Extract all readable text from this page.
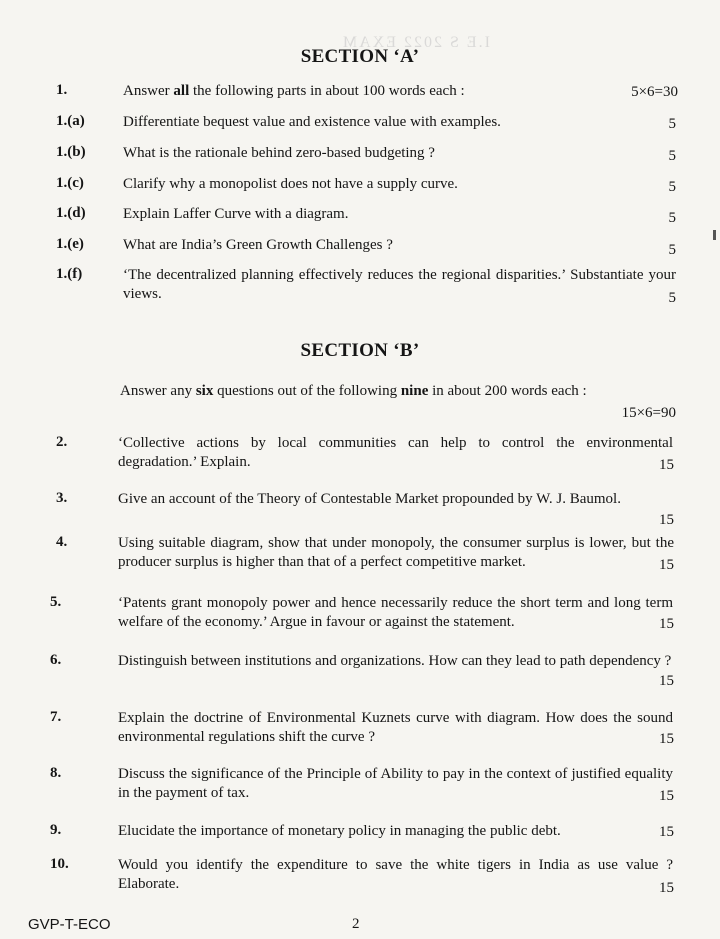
I.E S 2022 EXAM
SECTION ‘A’
1.	Answer all the following parts in about 100 words each :	5×6=30
1.(a)	Differentiate bequest value and existence value with examples.	5
1.(b) What is the rationale behind zero-based budgeting ?	5
1.(c)	Clarify why a monopolist does not have a supply curve.	5
1.(d) Explain Laffer Curve with a diagram.	5
1.(e)	What are India’s Green Growth Challenges ?	5
1.(f)	‘The decentralized planning effectively reduces the regional disparities.’ Substantiate your views.	5
SECTION ‘B’
Answer any six questions out of the following nine in about 200 words each :
15×6=90
2.	‘Collective actions by local communities can help to control the environmental degradation.’ Explain.	15
3.	Give an account of the Theory of Contestable Market propounded by W. J. Baumol.
15
4.	Using suitable diagram, show that under monopoly, the consumer surplus is lower, but the producer surplus is higher than that of a perfect competitive market.	15
5.	‘Patents grant monopoly power and hence necessarily reduce the short term and long term welfare of the economy.’ Argue in favour or against the statement.	15
6.	Distinguish between institutions and organizations. How can they lead to path dependency ?
15
7.	Explain the doctrine of Environmental Kuznets curve with diagram. How does the sound environmental regulations shift the curve ?	15
8.	Discuss the significance of the Principle of Ability to pay in the context of justified equality in the payment of tax.	15
9.	Elucidate the importance of monetary policy in managing the public debt.	15
10.	Would you identify the expenditure to save the white tigers in India as use value ? Elaborate.	15
GVP-T-ECO	2
